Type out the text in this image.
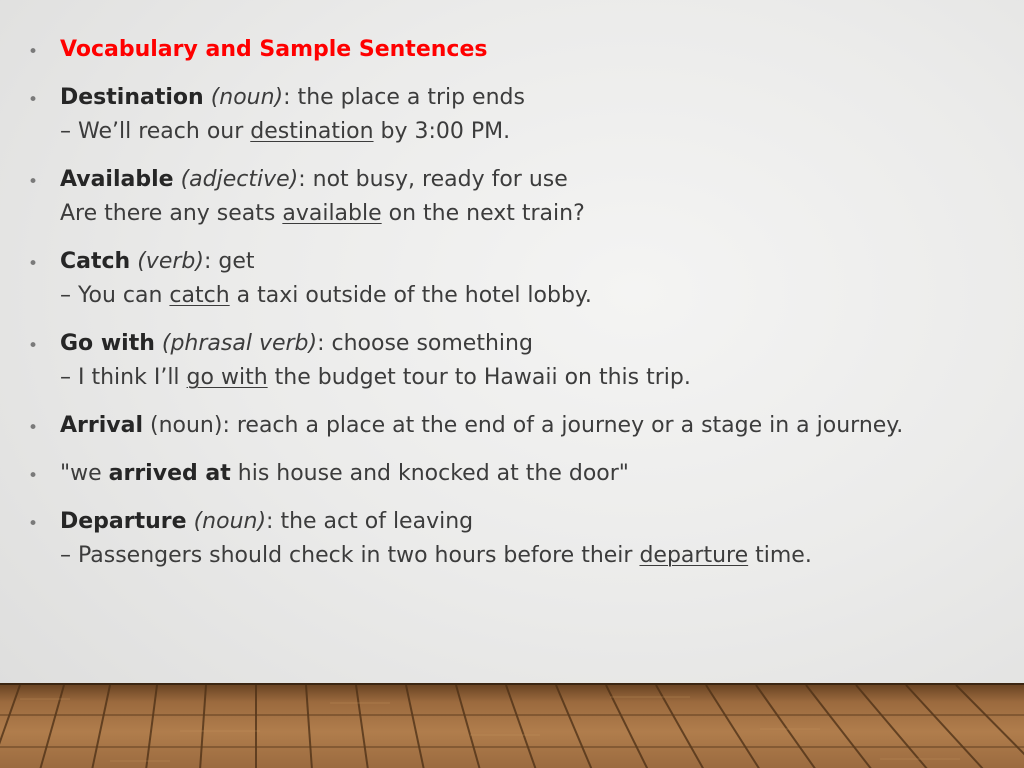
• Vocabulary and Sample Sentences
• Destination (noun): the place a trip ends
– We’ll reach our destination by 3:00 PM.
• Available (adjective): not busy, ready for use
Are there any seats available on the next train?
• Catch (verb): get
– You can catch a taxi outside of the hotel lobby.
• Go with (phrasal verb): choose something
– I think I’ll go with the budget tour to Hawaii on this trip.
• Arrival (noun): reach a place at the end of a journey or a stage in a journey.
• "we arrived at his house and knocked at the door"
• Departure (noun): the act of leaving
– Passengers should check in two hours before their departure time.
